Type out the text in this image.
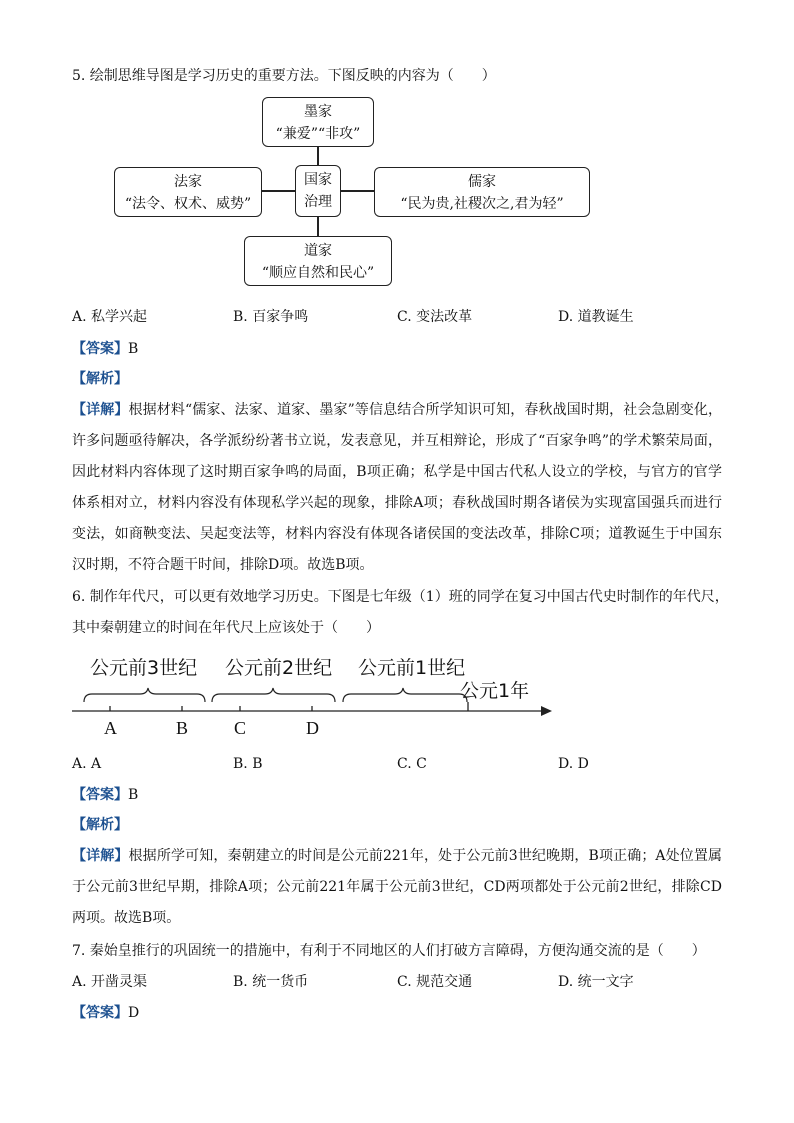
5. 绘制思维导图是学习历史的重要方法。下图反映的内容为（　　）
墨家
“兼爱”“非攻”
国家
治理
法家
“法令、权术、威势”
儒家
“民为贵,社稷次之,君为轻”
道家
“顺应自然和民心”
A. 私学兴起	B. 百家争鸣	C. 变法改革	D. 道教诞生
【答案】B
【解析】
【详解】根据材料“儒家、法家、道家、墨家”等信息结合所学知识可知，春秋战国时期，社会急剧变化，许多问题亟待解决，各学派纷纷著书立说，发表意见，并互相辩论，形成了“百家争鸣”的学术繁荣局面，因此材料内容体现了这时期百家争鸣的局面，B项正确；私学是中国古代私人设立的学校，与官方的官学体系相对立，材料内容没有体现私学兴起的现象，排除A项；春秋战国时期各诸侯为实现富国强兵而进行变法，如商鞅变法、吴起变法等，材料内容没有体现各诸侯国的变法改革，排除C项；道教诞生于中国东汉时期，不符合题干时间，排除D项。故选B项。
6. 制作年代尺，可以更有效地学习历史。下图是七年级（1）班的同学在复习中国古代史时制作的年代尺，
其中秦朝建立的时间在年代尺上应该处于（　　）
公元前3世纪 公元前2世纪 公元前1世纪
公元1年
A	B	C	D
A. A	B. B	C. C	D. D
【答案】B
【解析】
【详解】根据所学可知，秦朝建立的时间是公元前221年，处于公元前3世纪晚期，B项正确；A处位置属于公元前3世纪早期，排除A项；公元前221年属于公元前3世纪，CD两项都处于公元前2世纪，排除CD两项。故选B项。
7. 秦始皇推行的巩固统一的措施中，有利于不同地区的人们打破方言障碍，方便沟通交流的是（　　）
A. 开凿灵渠	B. 统一货币	C. 规范交通	D. 统一文字
【答案】D
